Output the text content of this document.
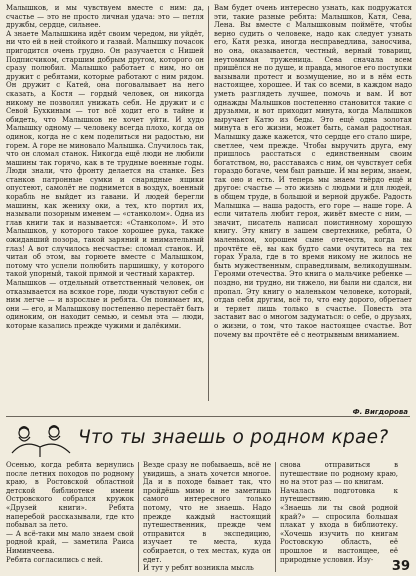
Малышков, и мы чувствуем вместе с ним: да, счастье — это не просто личная удача: это — петля дружбы, сердце, сильнее.
А знаете Малышкина идёт своим чередом, ни уйдёт, ни что ей в ней стойкого и газвай. Малышку почасок пригодится очень грудно. Он разучается с Нишей Подписчиком, старшим добрым другом, которого он сразу полюбил. Малышко работает с ним, но он дружит с ребятами, которые работают с ним рядом. Он дружит с Катей, она поговалывает на него сказать, а Костя — гордый человек, он никогда никому не позволял унижать себя. Не дружит и с Севой Бухкиным — тот всё ходит его в тайне и обидеть, что Малышков не хочет уйти. И худо Малышку одному — человеку всегда плохо, когда он одинок, когда не с кем поделиться ни радостью, ни горем. А горе не миновало Малышка. Случилось так, что он сломал станок. Никогда ещё люди не любили машины так горячо, как в те трудные военные годы. Люди знали, что фронту делается на станке. Без станков патронные сумки и снарядные ящики опустеют, самолёт не поднимется в воздух, военный корабль не выйдет из гавани. И людей берегли машины, как жениху оки, а тех, кто портил их, называли позорным именем — «станколом». Одна из глав книги так и называется: «Станколом». И это Малышков, у которого такое хорошее рука, также ожидавший позора, такой заряний и внимательный глаз! А вот случилось несчастье: сломал станок. И, читая об этом, вы горюете вместе с Малышком, потому что успели полюбить паршишку, у которого такой упорный, такой прямой и честный характер.
Малышков — отдельный ответственный человек, он отказывается на всякое горе, люди чувствуют себя с ним легче — и взрослые и ребята. Он понимает их, они — его, и Малышкову постепенно перестаёт быть одиноким, он находит семью, и семья эта — люди, которые казались прежде чужими и далёкими.
Вам будет очень интересно узнать, как подружатся эти, такие разные ребята: Малышков, Катя, Сева, Лена. Вы вместе с Малышковым поймёте, чтобы верно судить о человеке, надо как следует узнать его, Катя резка, иногда несправедлива, заносчива, но она, оказывается, честный, верный товарищ, неутомимая труженица. Сева сначала всем пришёлся не по душе, и правда, многое его поступки вызывали протест и возмущение, но и в нём есть настоящее, хорошее. И так со всеми, в каждом надо уметь разглядеть лучшее, помочь и вам. И вот однажды Малышков постепенно становится такие с друзьями, и вот приходит минута, когда Малышков выручает Катю из беды. Это ещё одна золотая минута в его жизни, может быть, самая радостная. Малышку даже кажется, что сердце его стало шире, светлее, чем прежде. Чтобы выручить друга, ему пришлось расстаться с единственным своим богатством, но, расставаясь с ним, он чувствует себя гораздо богаче, чем был раньше. И мы верим, знаем, так оно и есть. И теперь мы знаем твёрдо ещё и другое: счастье — это жизнь с людьми и для людей, в общем труде, в большой и верной дружбе. Радость Малышка — наша радость, его горе — наше горе. А если читатель любит героя, живёт вместе с ним, — значит, писатель написал поистинному хорошую книгу. Эту книгу в зашем свертехнике, ребята, О маленьком, хорошем сыне отечеств, когда вы прочтёте её, вы как будто сами очутитесь на тех горах Урала, где в то время никому не жилось не быть мужественным, справедливым, великодушным. Героями отечества. Это книга о мальчике ребенке — поздно, ни трудно, ни тяжело, ни были ни сдался, ни пропал. Эту книгу о маленьком человеке, который, отдав себя другим, всё то, что ему дорого, обретает и теряет лишь только в счастье. Повесть эта заставит вас о многом задуматься: о себе, о друзьях, о жизни, о том, что такое настоящее счастье. Вот почему вы прочтёте её с неотрывным вниманием.
Ф. Вигдорова
Что ты знаешь о родном крае?
Осенью, когда ребята вернулись после летних походов по родному краю, в Ростовской областной детской библиотеке имени Островского собрался кружок «Друзей книги». Ребята наперебой рассказывали, где кто побывал за лето.
— А всё-таки мы мало знаем свой родной край, — заметила Раиса Ниминчеева.
Ребята согласились с ней.
Везде сразу не побываешь, всё не увидишь, а знать хочется многое. Да и в походе бывает так, что пройдёшь мимо и не заметишь самого интересного только потому, что не знаешь. Надо прежде каждый настоящий путешественник, прежде чем отправится в экспедицию, изучает те места, куда собирается, о тех местах, куда он едет.
И тут у ребят возникла мысль
снова отправиться в путешествие по родному краю, но на этот раз — по книгам.
Началась подготовка к путешествию.
«Знаешь ли ты свой родной край?» — спросила большая плакат у входа в библиотеку. «Хочешь изучить по книгам Ростовскую область, её прошлое и настоящее, её природные условия. Изу-	39
